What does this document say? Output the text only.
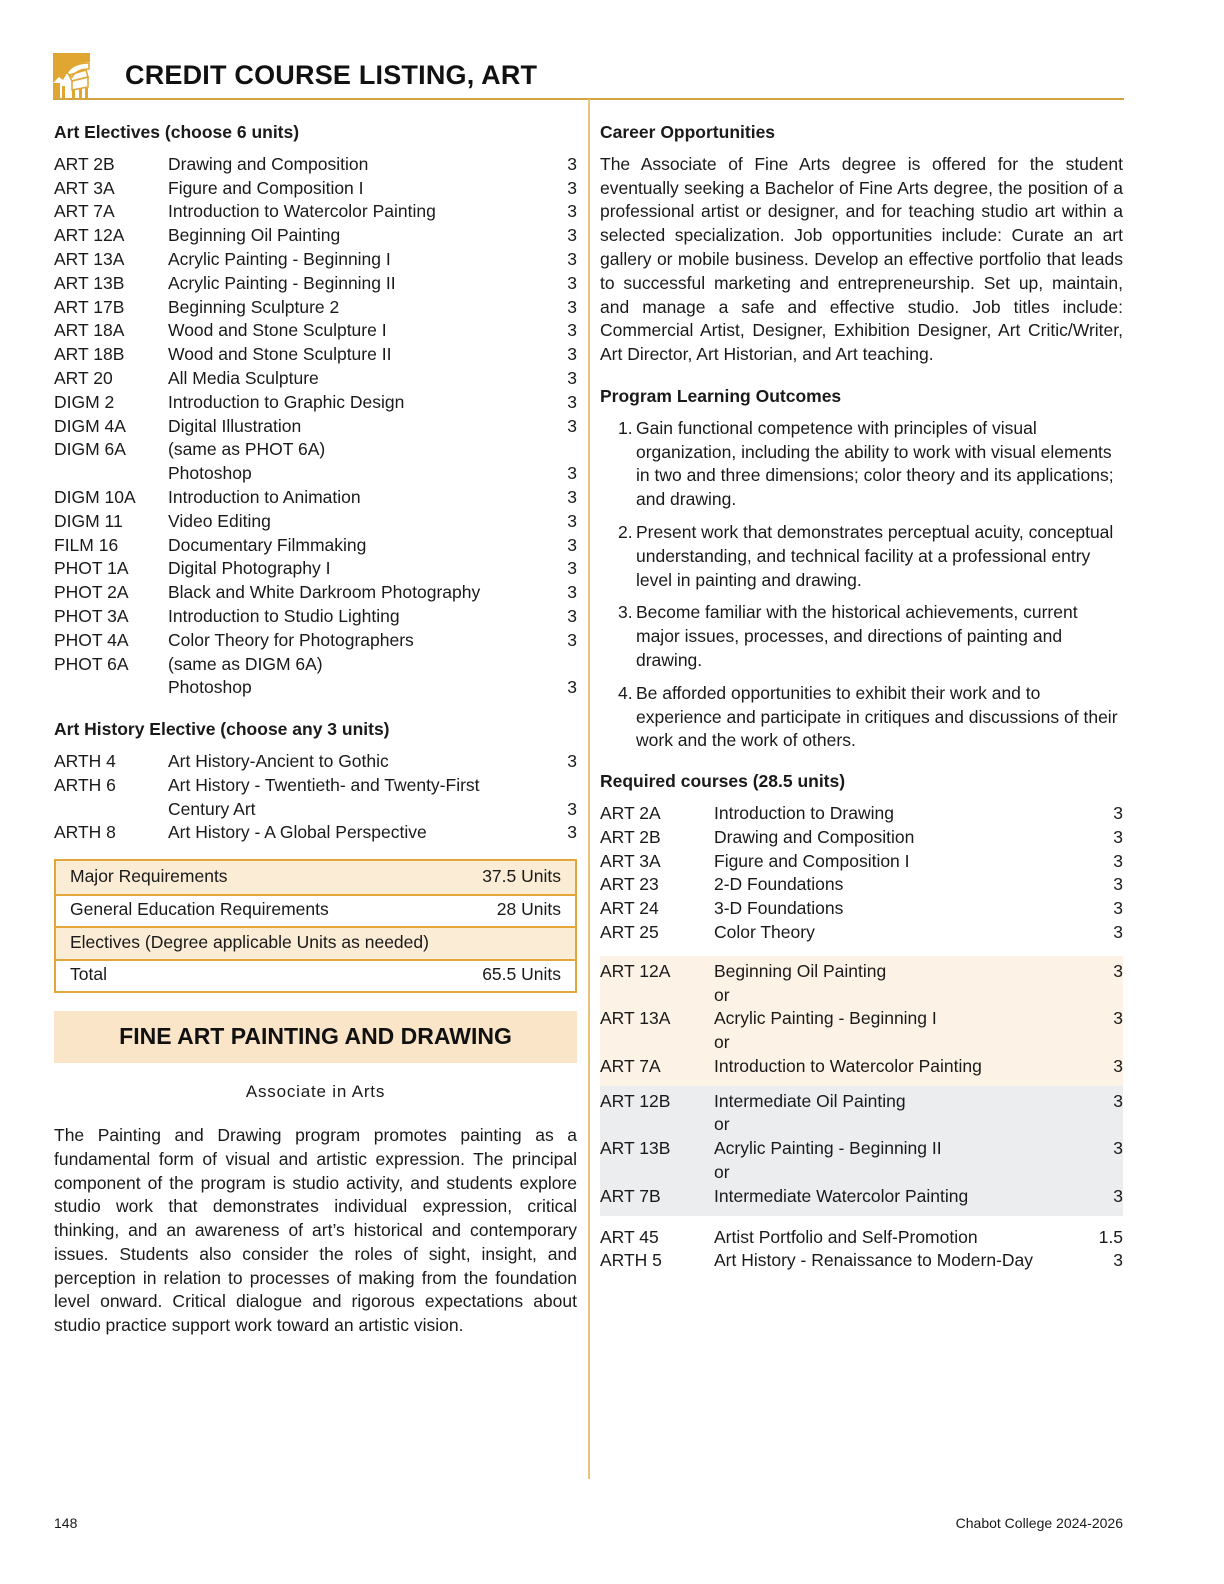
CREDIT COURSE LISTING, ART
Art Electives (choose 6 units)
ART 2B	Drawing and Composition	3
ART 3A	Figure and Composition I	3
ART 7A	Introduction to Watercolor Painting	3
ART 12A	Beginning Oil Painting	3
ART 13A	Acrylic Painting - Beginning I	3
ART 13B	Acrylic Painting - Beginning II	3
ART 17B	Beginning Sculpture 2	3
ART 18A	Wood and Stone Sculpture I	3
ART 18B	Wood and Stone Sculpture II	3
ART 20	All Media Sculpture	3
DIGM 2	Introduction to Graphic Design	3
DIGM 4A	Digital Illustration	3
DIGM 6A	(same as PHOT 6A)
Photoshop	3
DIGM 10A	Introduction to Animation	3
DIGM 11	Video Editing	3
FILM 16	Documentary Filmmaking	3
PHOT 1A	Digital Photography I	3
PHOT 2A	Black and White Darkroom Photography	3
PHOT 3A	Introduction to Studio Lighting	3
PHOT 4A	Color Theory for Photographers	3
PHOT 6A	(same as DIGM 6A)
Photoshop	3
Art History Elective (choose any 3 units)
ARTH 4	Art History-Ancient to Gothic	3
ARTH 6	Art History - Twentieth- and Twenty-First
Century Art	3
ARTH 8	Art History - A Global Perspective	3
Major Requirements	37.5 Units
General Education Requirements	28 Units
Electives (Degree applicable Units as needed)
Total	65.5 Units
FINE ART PAINTING AND DRAWING
Associate in Arts
The Painting and Drawing program promotes painting as a fundamental form of visual and artistic expression. The principal component of the program is studio activity, and students explore studio work that demonstrates individual expression, critical thinking, and an awareness of art’s historical and contemporary issues. Students also consider the roles of sight, insight, and perception in relation to processes of making from the foundation level onward. Critical dialogue and rigorous expectations about studio practice support work toward an artistic vision.
Career Opportunities
The Associate of Fine Arts degree is offered for the student eventually seeking a Bachelor of Fine Arts degree, the position of a professional artist or designer, and for teaching studio art within a selected specialization. Job opportunities include: Curate an art gallery or mobile business. Develop an effective portfolio that leads to successful marketing and entrepreneurship. Set up, maintain, and manage a safe and effective studio. Job titles include: Commercial Artist, Designer, Exhibition Designer, Art Critic/Writer, Art Director, Art Historian, and Art teaching.
Program Learning Outcomes
1. Gain functional competence with principles of visual organization, including the ability to work with visual elements in two and three dimensions; color theory and its applications; and drawing.
2. Present work that demonstrates perceptual acuity, conceptual understanding, and technical facility at a professional entry level in painting and drawing.
3. Become familiar with the historical achievements, current major issues, processes, and directions of painting and drawing.
4. Be afforded opportunities to exhibit their work and to experience and participate in critiques and discussions of their work and the work of others.
Required courses (28.5 units)
ART 2A	Introduction to Drawing	3
ART 2B	Drawing and Composition	3
ART 3A	Figure and Composition I	3
ART 23	2-D Foundations	3
ART 24	3-D Foundations	3
ART 25	Color Theory	3
ART 12A	Beginning Oil Painting	3
or
ART 13A	Acrylic Painting - Beginning I	3
or
ART 7A	Introduction to Watercolor Painting	3
ART 12B	Intermediate Oil Painting	3
or
ART 13B	Acrylic Painting - Beginning II	3
or
ART 7B	Intermediate Watercolor Painting	3
ART 45	Artist Portfolio and Self-Promotion	1.5
ARTH 5	Art History - Renaissance to Modern-Day	3
148	Chabot College 2024-2026
